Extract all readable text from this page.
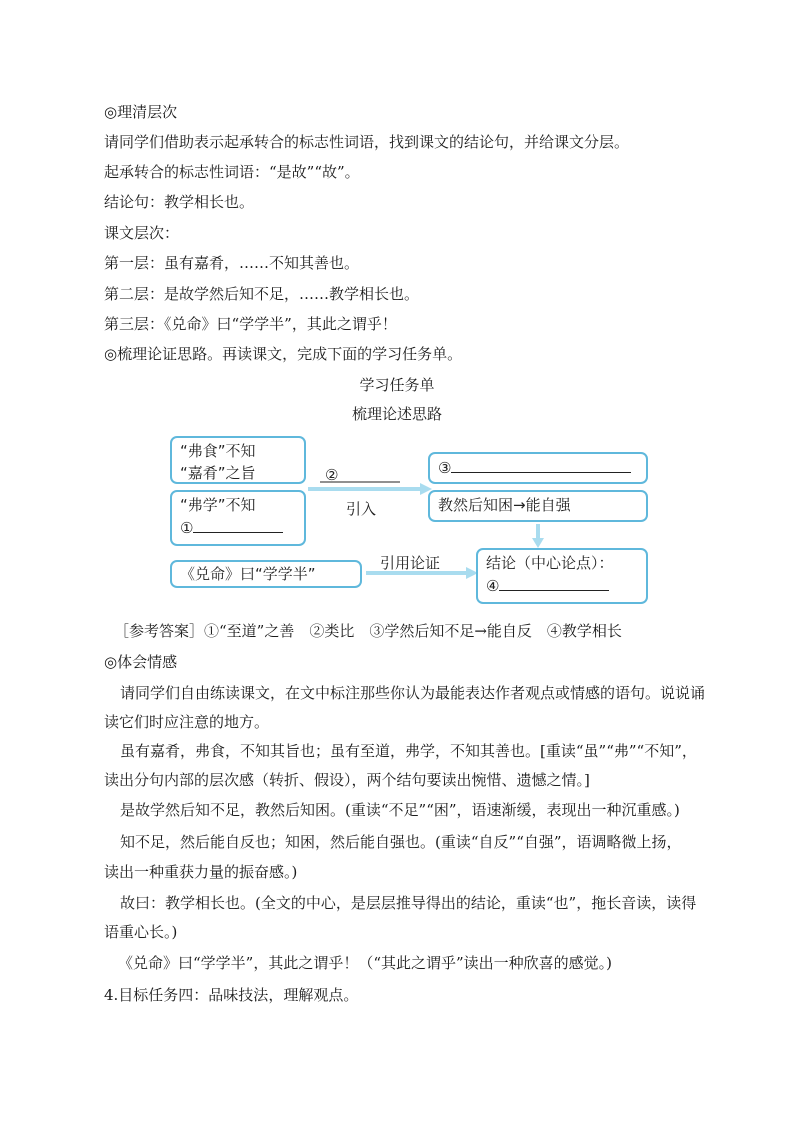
◎理清层次
请同学们借助表示起承转合的标志性词语，找到课文的结论句，并给课文分层。
起承转合的标志性词语：“是故”“故”。
结论句：教学相长也。
课文层次：
第一层：虽有嘉肴，……不知其善也。
第二层：是故学然后知不足，……教学相长也。
第三层：《兑命》曰“学学半”，其此之谓乎！
◎梳理论证思路。再读课文，完成下面的学习任务单。
学习任务单
梳理论述思路
“弗食”不知
“嘉肴”之旨
“弗学”不知
①
《兑命》曰“学学半”
②
引入
③
教然后知困→能自强
引用论证	结论（中心论点）：
④
［参考答案］①“至道”之善　②类比　③学然后知不足→能自反　④教学相长
◎体会情感
请同学们自由练读课文，在文中标注那些你认为最能表达作者观点或情感的语句。说说诵
读它们时应注意的地方。
虽有嘉肴，弗食，不知其旨也；虽有至道，弗学，不知其善也。[重读“虽”“弗”“不知”，
读出分句内部的层次感（转折、假设），两个结句要读出惋惜、遗憾之情。]
是故学然后知不足，教然后知困。(重读“不足”“困”，语速渐缓，表现出一种沉重感。)
知不足，然后能自反也；知困，然后能自强也。(重读“自反”“自强”，语调略微上扬，
读出一种重获力量的振奋感。)
故曰：教学相长也。(全文的中心，是层层推导得出的结论，重读“也”，拖长音读，读得
语重心长。)
《兑命》曰“学学半”，其此之谓乎！（“其此之谓乎”读出一种欣喜的感觉。)
4.目标任务四：品味技法，理解观点。
